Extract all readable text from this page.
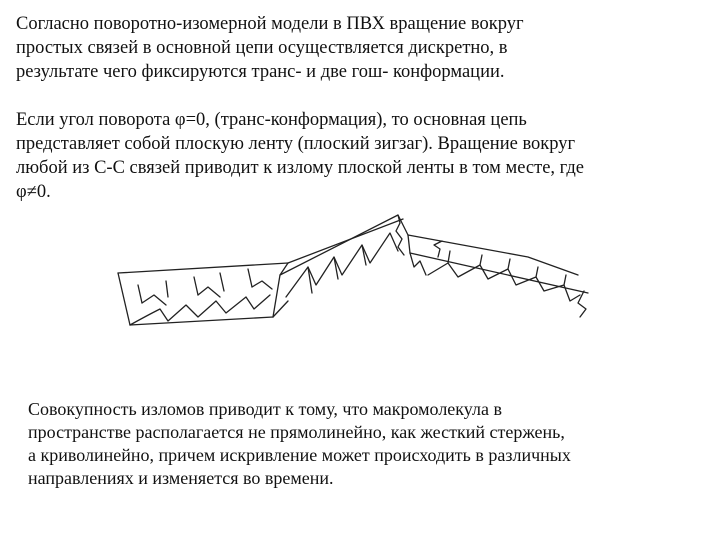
Согласно поворотно-изомерной модели в ПВХ вращение вокруг
простых связей в основной цепи осуществляется дискретно, в
результате чего фиксируются транс- и две гош- конформации.
Если угол поворота φ=0, (транс-конформация), то основная цепь
представляет собой плоскую ленту (плоский зигзаг). Вращение вокруг
любой из С-С связей приводит к излому плоской ленты в том месте, где
φ≠0.
Совокупность изломов приводит к тому, что макромолекула в
пространстве располагается не прямолинейно, как жесткий стержень,
а криволинейно, причем искривление может происходить в различных
направлениях и изменяется во времени.
